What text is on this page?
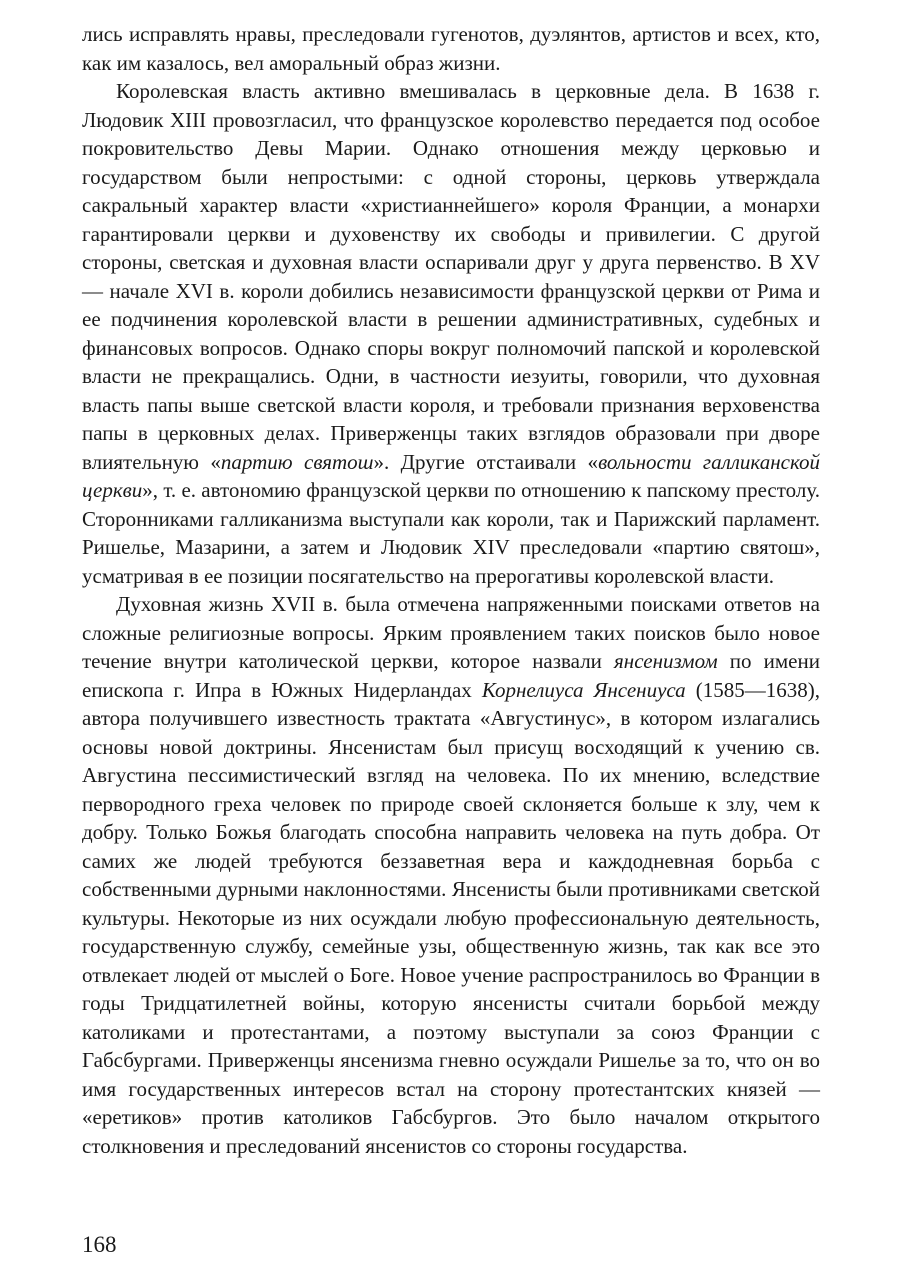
лись исправлять нравы, преследовали гугенотов, дуэлянтов, артистов и всех, кто, как им казалось, вел аморальный образ жизни.

Королевская власть активно вмешивалась в церковные дела. В 1638 г. Людовик XIII провозгласил, что французское королевство передается под особое покровительство Девы Марии. Однако отношения между церковью и государством были непростыми: с одной стороны, церковь утверждала сакральный характер власти «христианнейшего» короля Франции, а монархи гарантировали церкви и духовенству их свободы и привилегии. С другой стороны, светская и духовная власти оспаривали друг у друга первенство. В XV — начале XVI в. короли добились независимости французской церкви от Рима и ее подчинения королевской власти в решении административных, судебных и финансовых вопросов. Однако споры вокруг полномочий папской и королевской власти не прекращались. Одни, в частности иезуиты, говорили, что духовная власть папы выше светской власти короля, и требовали признания верховенства папы в церковных делах. Приверженцы таких взглядов образовали при дворе влиятельную «партию святош». Другие отстаивали «вольности галликанской церкви», т. е. автономию французской церкви по отношению к папскому престолу. Сторонниками галликанизма выступали как короли, так и Парижский парламент. Ришелье, Мазарини, а затем и Людовик XIV преследовали «партию святош», усматривая в ее позиции посягательство на прерогативы королевской власти.

Духовная жизнь XVII в. была отмечена напряженными поисками ответов на сложные религиозные вопросы. Ярким проявлением таких поисков было новое течение внутри католической церкви, которое назвали янсенизмом по имени епископа г. Ипра в Южных Нидерландах Корнелиуса Янсениуса (1585—1638), автора получившего известность трактата «Августинус», в котором излагались основы новой доктрины. Янсенистам был присущ восходящий к учению св. Августина пессимистический взгляд на человека. По их мнению, вследствие первородного греха человек по природе своей склоняется больше к злу, чем к добру. Только Божья благодать способна направить человека на путь добра. От самих же людей требуются беззаветная вера и каждодневная борьба с собственными дурными наклонностями. Янсенисты были противниками светской культуры. Некоторые из них осуждали любую профессиональную деятельность, государственную службу, семейные узы, общественную жизнь, так как все это отвлекает людей от мыслей о Боге. Новое учение распространилось во Франции в годы Тридцатилетней войны, которую янсенисты считали борьбой между католиками и протестантами, а поэтому выступали за союз Франции с Габсбургами. Приверженцы янсенизма гневно осуждали Ришелье за то, что он во имя государственных интересов встал на сторону протестантских князей — «еретиков» против католиков Габсбургов. Это было началом открытого столкновения и преследований янсенистов со стороны государства.

168
